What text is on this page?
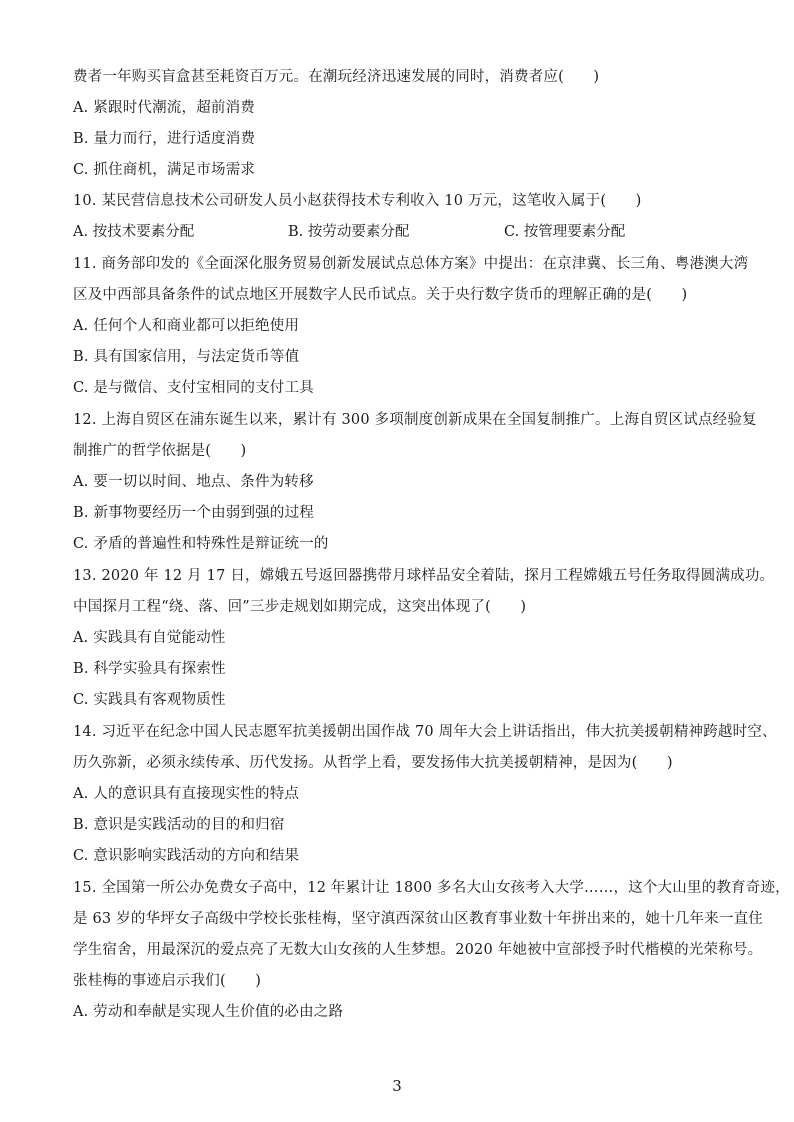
费者一年购买盲盒甚至耗资百万元。在潮玩经济迅速发展的同时，消费者应(　　)
A. 紧跟时代潮流，超前消费
B. 量力而行，进行适度消费
C. 抓住商机，满足市场需求
10. 某民营信息技术公司研发人员小赵获得技术专利收入 10 万元，这笔收入属于(　　)
A. 按技术要素分配	B. 按劳动要素分配	C. 按管理要素分配
11. 商务部印发的《全面深化服务贸易创新发展试点总体方案》中提出：在京津冀、长三角、粤港澳大湾
区及中西部具备条件的试点地区开展数字人民币试点。关于央行数字货币的理解正确的是(　　)
A. 任何个人和商业都可以拒绝使用
B. 具有国家信用，与法定货币等值
C. 是与微信、支付宝相同的支付工具
12. 上海自贸区在浦东诞生以来，累计有 300 多项制度创新成果在全国复制推广。上海自贸区试点经验复
制推广的哲学依据是(　　)
A. 要一切以时间、地点、条件为转移
B. 新事物要经历一个由弱到强的过程
C. 矛盾的普遍性和特殊性是辩证统一的
13. 2020 年 12 月 17 日，嫦娥五号返回器携带月球样品安全着陆，探月工程嫦娥五号任务取得圆满成功。
中国探月工程“绕、落、回”三步走规划如期完成，这突出体现了(　　)
A. 实践具有自觉能动性
B. 科学实验具有探索性
C. 实践具有客观物质性
14. 习近平在纪念中国人民志愿军抗美援朝出国作战 70 周年大会上讲话指出，伟大抗美援朝精神跨越时空、
历久弥新，必须永续传承、历代发扬。从哲学上看，要发扬伟大抗美援朝精神，是因为(　　)
A. 人的意识具有直接现实性的特点
B. 意识是实践活动的目的和归宿
C. 意识影响实践活动的方向和结果
15. 全国第一所公办免费女子高中，12 年累计让 1800 多名大山女孩考入大学……，这个大山里的教育奇迹，
是 63 岁的华坪女子高级中学校长张桂梅，坚守滇西深贫山区教育事业数十年拼出来的，她十几年来一直住
学生宿舍，用最深沉的爱点亮了无数大山女孩的人生梦想。2020 年她被中宣部授予时代楷模的光荣称号。
张桂梅的事迹启示我们(　　)
A. 劳动和奉献是实现人生价值的必由之路
3
